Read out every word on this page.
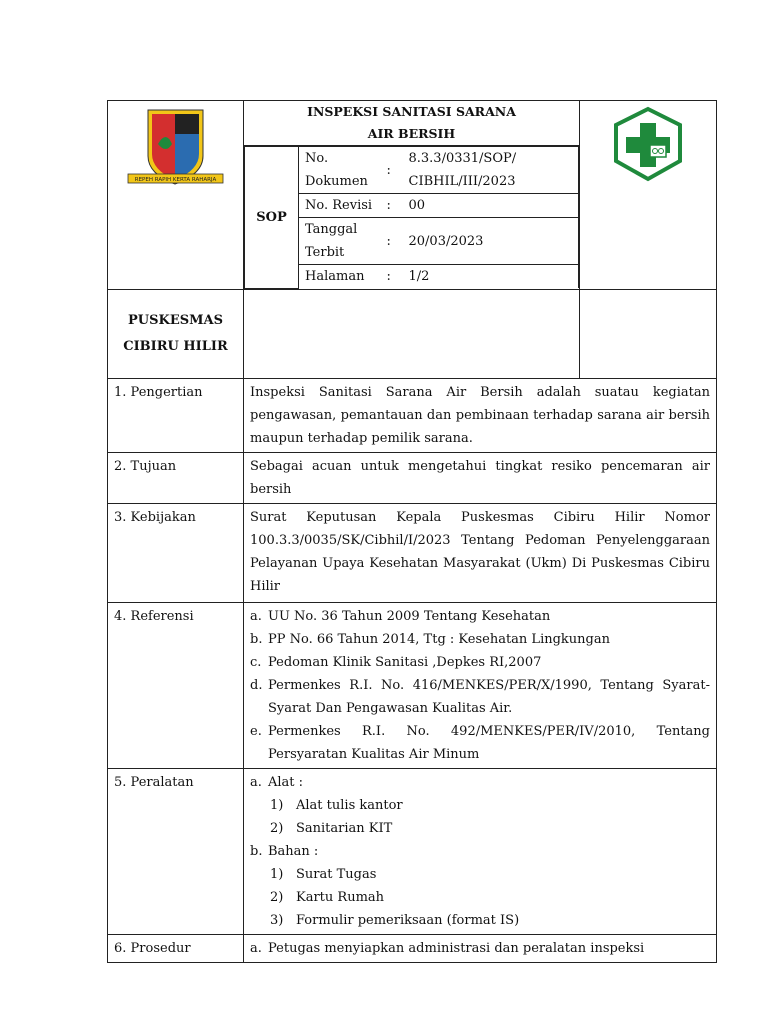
REPEH RAPIH KERTA RAHARJA

INSPEKSI SANITASI SARANA
AIR BERSIH
SOP	No.
Dokumen	:	8.3.3/0331/SOP/
CIBHIL/III/2023
No. Revisi	:	00
Tanggal
Terbit	:	20/03/2023
Halaman	:	1/2

PUSKESMAS
CIBIRU HILIR		
1. Pengertian	Inspeksi Sanitasi Sarana Air Bersih adalah suatau kegiatan pengawasan, pemantauan dan pembinaan terhadap sarana air bersih maupun terhadap pemilik sarana.
2. Tujuan	Sebagai acuan untuk mengetahui tingkat resiko pencemaran air bersih
3. Kebijakan	Surat Keputusan Kepala Puskesmas Cibiru Hilir Nomor 100.3.3/0035/SK/Cibhil/I/2023 Tentang Pedoman Penyelenggaraan Pelayanan Upaya Kesehatan Masyarakat (Ukm) Di Puskesmas Cibiru Hilir
4. Referensi	a. UU No. 36 Tahun 2009 Tentang Kesehatan
b. PP No. 66 Tahun 2014, Ttg : Kesehatan Lingkungan
c. Pedoman Klinik Sanitasi ,Depkes RI,2007
d. Permenkes R.I. No. 416/MENKES/PER/X/1990, Tentang Syarat-Syarat Dan Pengawasan Kualitas Air.
e. Permenkes R.I. No. 492/MENKES/PER/IV/2010, Tentang Persyaratan Kualitas Air Minum

5. Peralatan	a. Alat :
1) Alat tulis kantor
2) Sanitarian KIT
b. Bahan :
1) Surat Tugas
2) Kartu Rumah
3) Formulir pemeriksaan (format IS)

6. Prosedur	a. Petugas menyiapkan administrasi dan peralatan inspeksi
